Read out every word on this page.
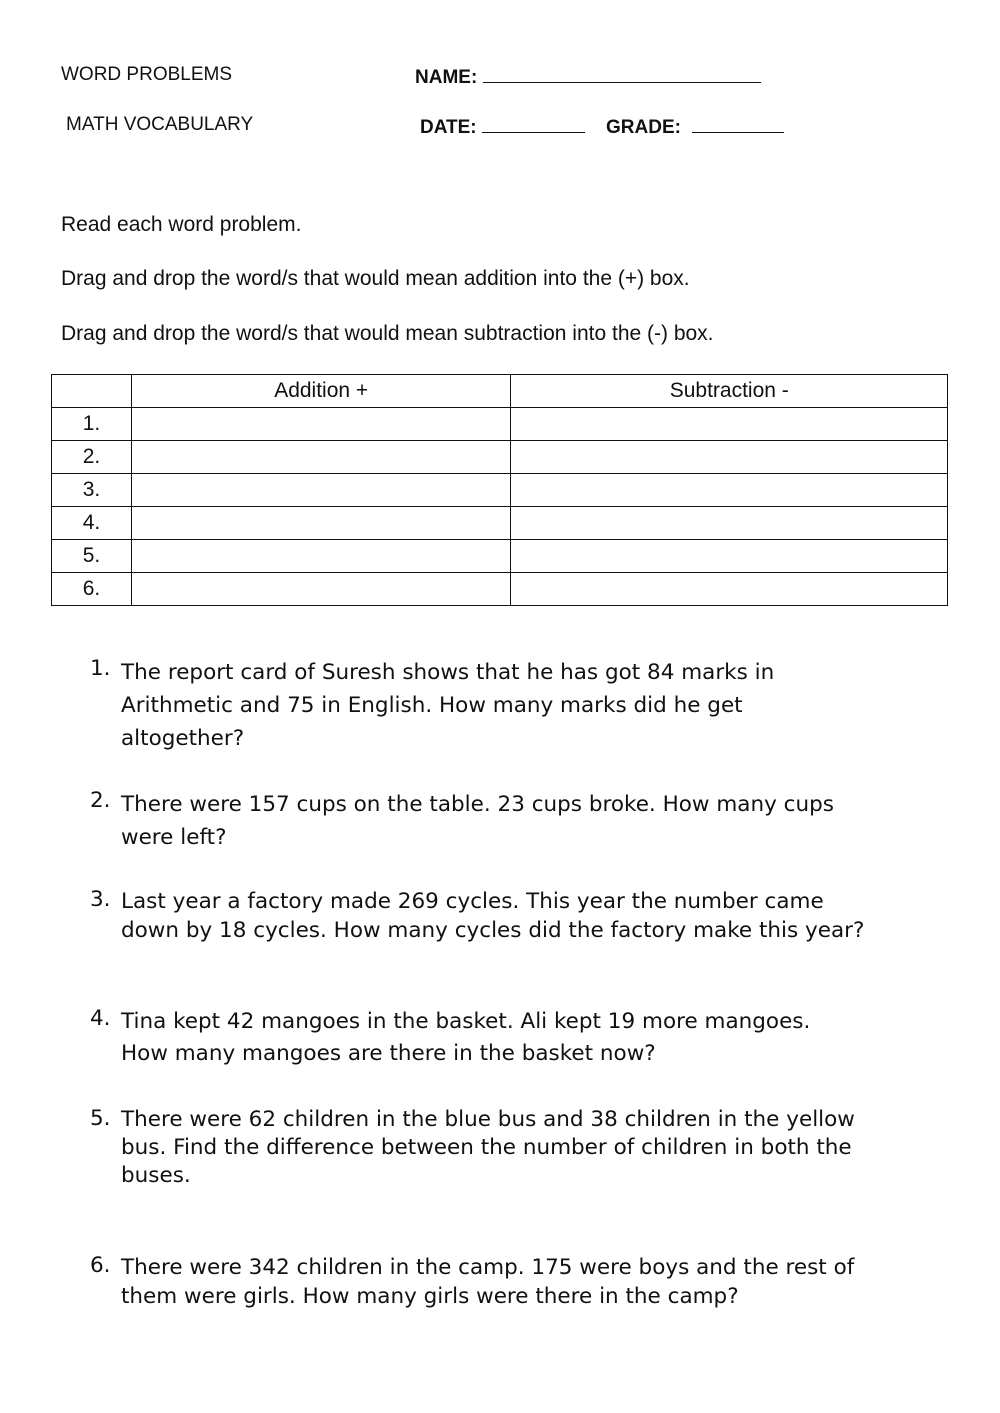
WORD PROBLEMS
MATH VOCABULARY
NAME:
DATE:	GRADE:
Read each word problem.
Drag and drop the word/s that would mean addition into the (+) box.
Drag and drop the word/s that would mean subtraction into the (-) box.
	Addition +	Subtraction -
1.		
2.		
3.		
4.		
5.		
6.		
1. The report card of Suresh shows that he has got 84 marks in
Arithmetic and 75 in English. How many marks did he get
altogether?
2. There were 157 cups on the table. 23 cups broke. How many cups
were left?
3. Last year a factory made 269 cycles. This year the number came
down by 18 cycles. How many cycles did the factory make this year?
4. Tina kept 42 mangoes in the basket. Ali kept 19 more mangoes.
How many mangoes are there in the basket now?
5. There were 62 children in the blue bus and 38 children in the yellow
bus. Find the difference between the number of children in both the
buses.
6. There were 342 children in the camp. 175 were boys and the rest of
them were girls. How many girls were there in the camp?
